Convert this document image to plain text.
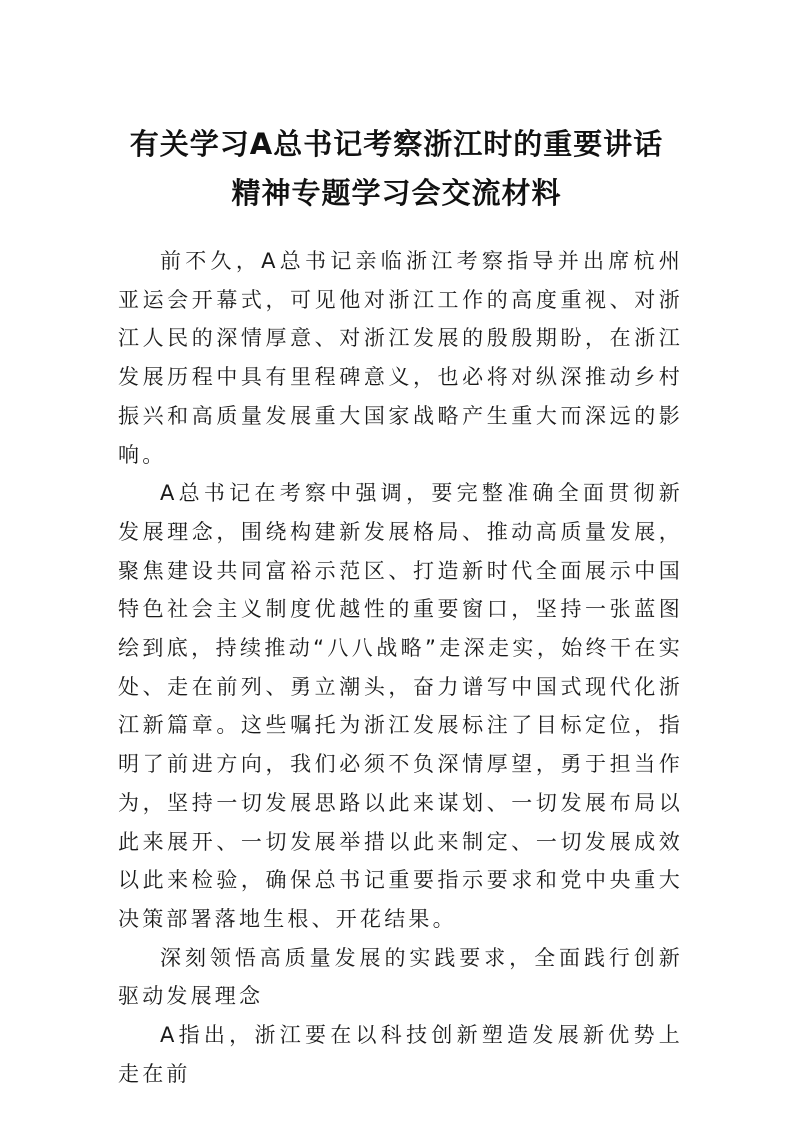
有关学习A总书记考察浙江时的重要讲话
精神专题学习会交流材料

前不久，A总书记亲临浙江考察指导并出席杭州亚运会开幕式，可见他对浙江工作的高度重视、对浙江人民的深情厚意、对浙江发展的殷殷期盼，在浙江发展历程中具有里程碑意义，也必将对纵深推动乡村振兴和高质量发展重大国家战略产生重大而深远的影响。

A总书记在考察中强调，要完整准确全面贯彻新发展理念，围绕构建新发展格局、推动高质量发展，聚焦建设共同富裕示范区、打造新时代全面展示中国特色社会主义制度优越性的重要窗口，坚持一张蓝图绘到底，持续推动“八八战略”走深走实，始终干在实处、走在前列、勇立潮头，奋力谱写中国式现代化浙江新篇章。这些嘱托为浙江发展标注了目标定位，指明了前进方向，我们必须不负深情厚望，勇于担当作为，坚持一切发展思路以此来谋划、一切发展布局以此来展开、一切发展举措以此来制定、一切发展成效以此来检验，确保总书记重要指示要求和党中央重大决策部署落地生根、开花结果。

深刻领悟高质量发展的实践要求，全面践行创新驱动发展理念

A指出，浙江要在以科技创新塑造发展新优势上走在前
